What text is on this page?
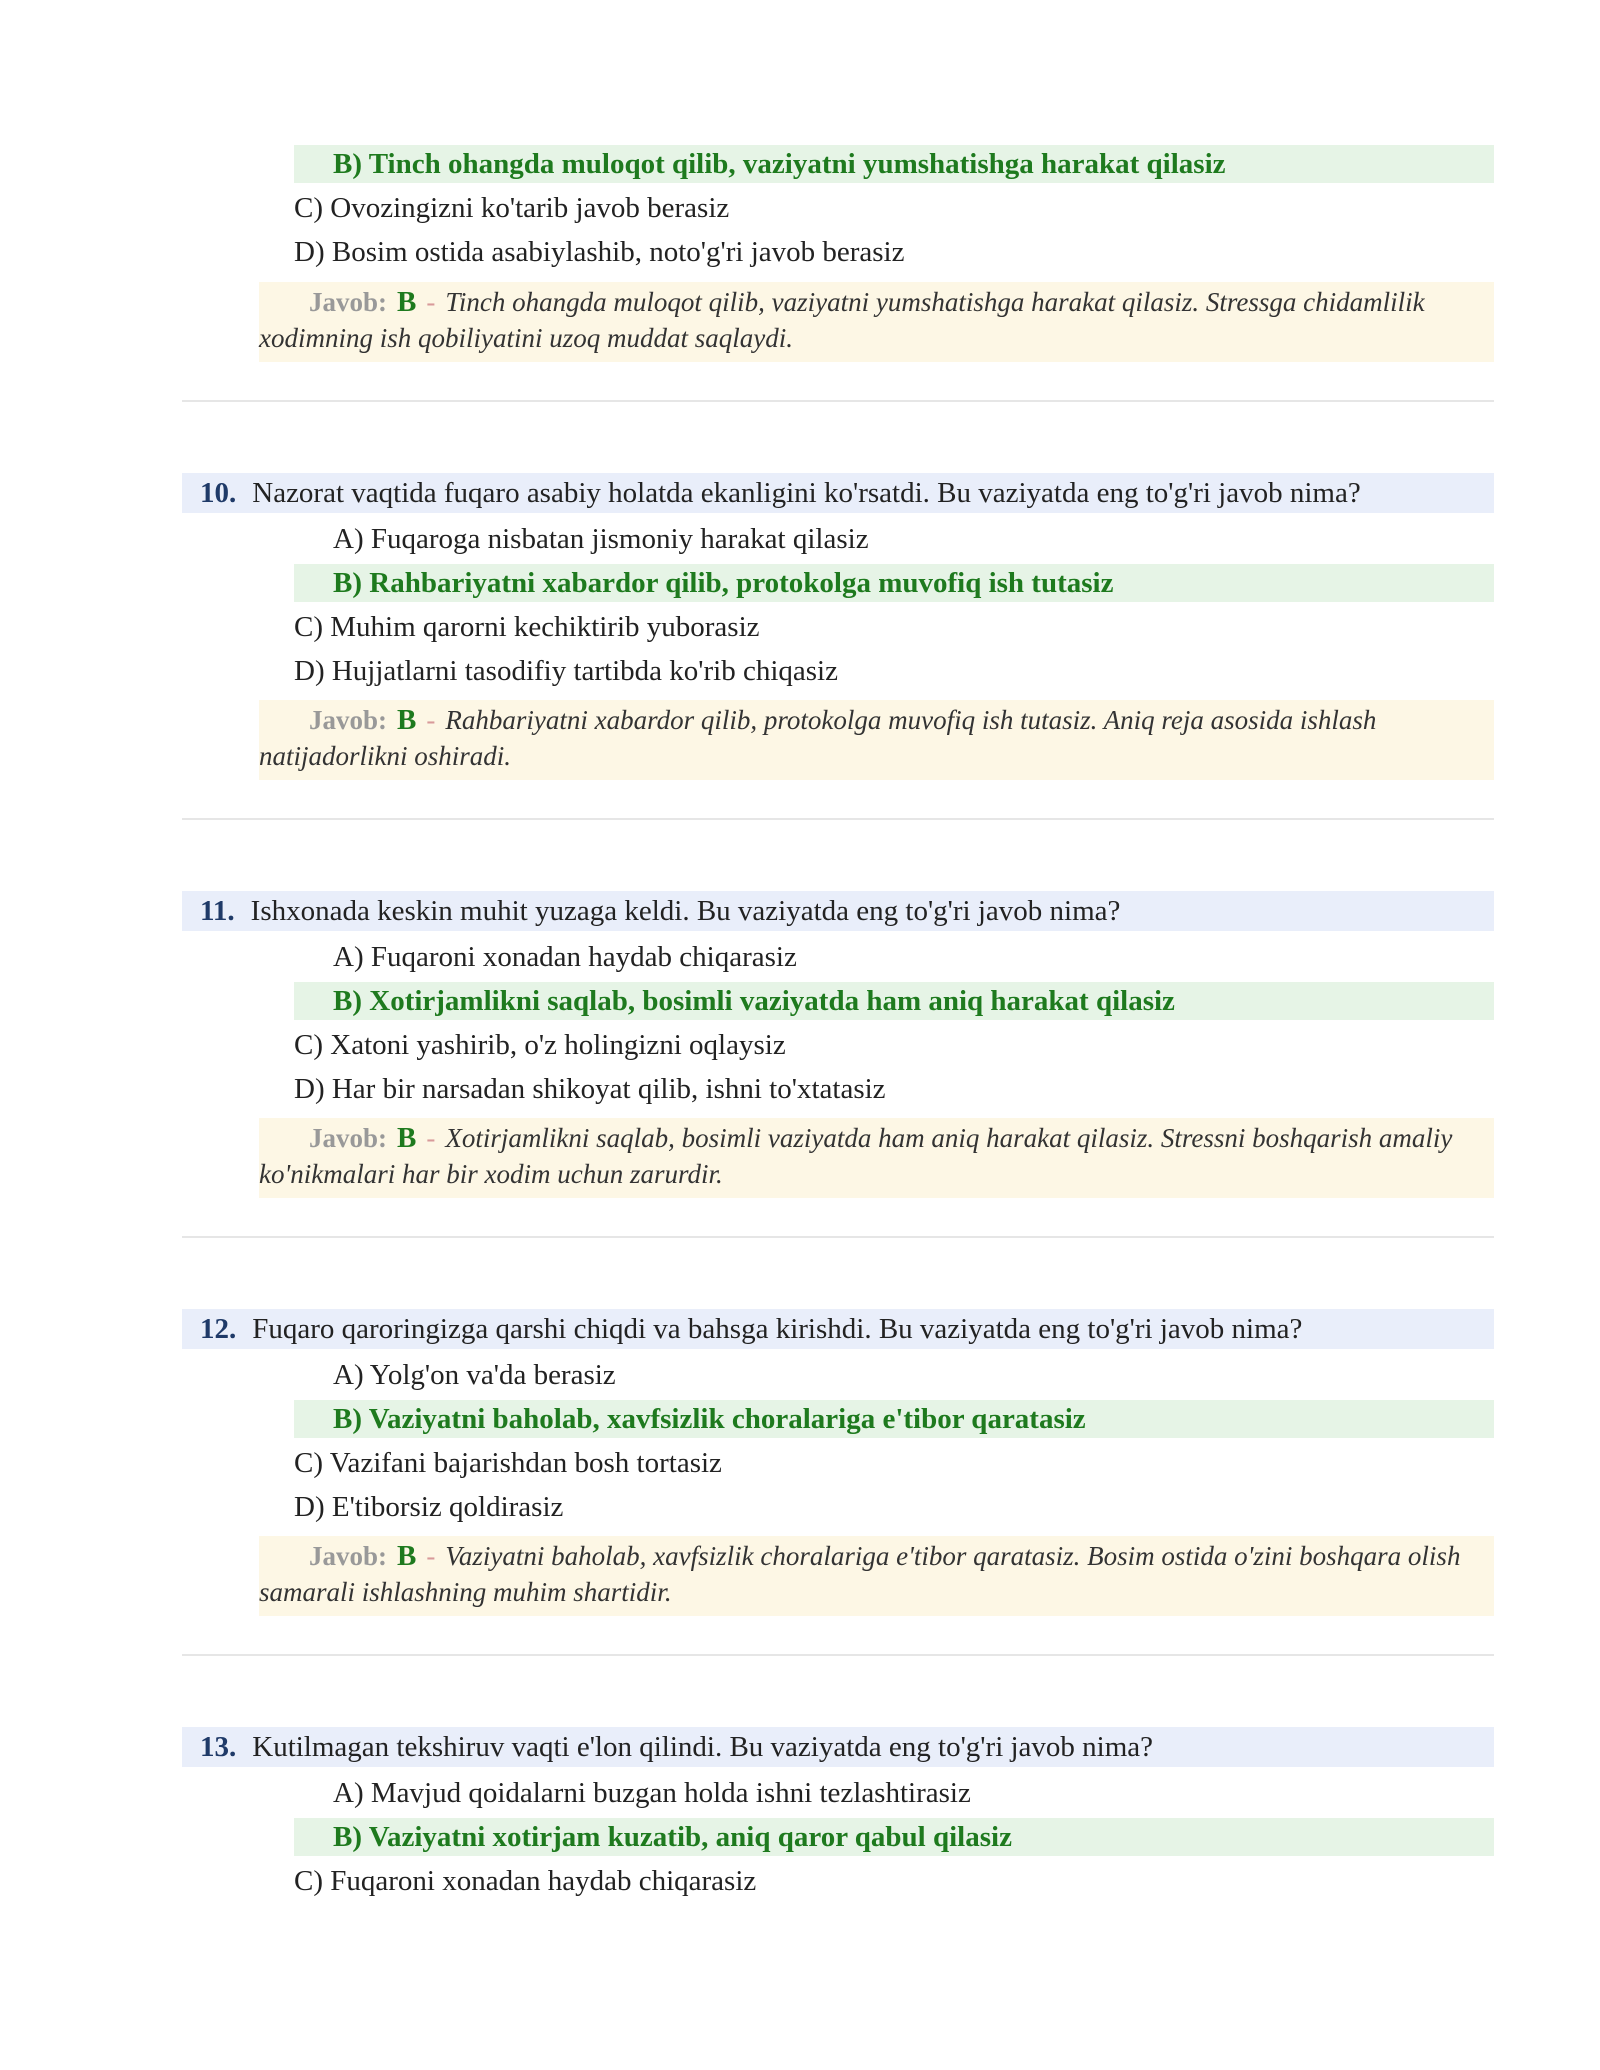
B) Tinch ohangda muloqot qilib, vaziyatni yumshatishga harakat qilasiz
C) Ovozingizni ko'tarib javob berasiz
D) Bosim ostida asabiylashib, noto'g'ri javob berasiz
Javob: B - Tinch ohangda muloqot qilib, vaziyatni yumshatishga harakat qilasiz. Stressga chidamlilik xodimning ish qobiliyatini uzoq muddat saqlaydi.
10. Nazorat vaqtida fuqaro asabiy holatda ekanligini ko'rsatdi. Bu vaziyatda eng to'g'ri javob nima?
A) Fuqaroga nisbatan jismoniy harakat qilasiz
B) Rahbariyatni xabardor qilib, protokolga muvofiq ish tutasiz
C) Muhim qarorni kechiktirib yuborasiz
D) Hujjatlarni tasodifiy tartibda ko'rib chiqasiz
Javob: B - Rahbariyatni xabardor qilib, protokolga muvofiq ish tutasiz. Aniq reja asosida ishlash natijadorlikni oshiradi.
11. Ishxonada keskin muhit yuzaga keldi. Bu vaziyatda eng to'g'ri javob nima?
A) Fuqaroni xonadan haydab chiqarasiz
B) Xotirjamlikni saqlab, bosimli vaziyatda ham aniq harakat qilasiz
C) Xatoni yashirib, o'z holingizni oqlaysiz
D) Har bir narsadan shikoyat qilib, ishni to'xtatasiz
Javob: B - Xotirjamlikni saqlab, bosimli vaziyatda ham aniq harakat qilasiz. Stressni boshqarish amaliy ko'nikmalari har bir xodim uchun zarurdir.
12. Fuqaro qaroringizga qarshi chiqdi va bahsga kirishdi. Bu vaziyatda eng to'g'ri javob nima?
A) Yolg'on va'da berasiz
B) Vaziyatni baholab, xavfsizlik choralariga e'tibor qaratasiz
C) Vazifani bajarishdan bosh tortasiz
D) E'tiborsiz qoldirasiz
Javob: B - Vaziyatni baholab, xavfsizlik choralariga e'tibor qaratasiz. Bosim ostida o'zini boshqara olish samarali ishlashning muhim shartidir.
13. Kutilmagan tekshiruv vaqti e'lon qilindi. Bu vaziyatda eng to'g'ri javob nima?
A) Mavjud qoidalarni buzgan holda ishni tezlashtirasiz
B) Vaziyatni xotirjam kuzatib, aniq qaror qabul qilasiz
C) Fuqaroni xonadan haydab chiqarasiz
